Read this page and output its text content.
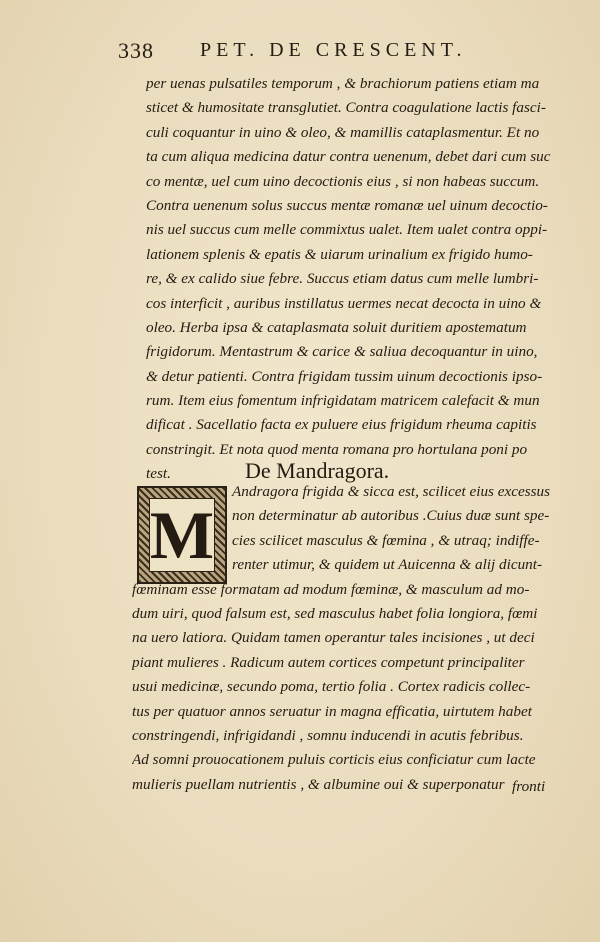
338 PET. DE CRESCENT.
per uenas pulsatiles temporum , & brachiorum patiens etiam ma
sticet & humositate transglutiet. Contra coagulatione lactis fasci-
culi coquantur in uino & oleo, & mamillis cataplasmentur. Et no
ta cum aliqua medicina datur contra uenenum, debet dari cum suc
co mentæ, uel cum uino decoctionis eius , si non habeas succum.
Contra uenenum solus succus mentæ romanæ uel uinum decoctio-
nis uel succus cum melle commixtus ualet. Item ualet contra oppi-
lationem splenis & epatis & uiarum urinalium ex frigido humo-
re, & ex calido siue febre. Succus etiam datus cum melle lumbri-
cos interficit , auribus instillatus uermes necat decocta in uino &
oleo. Herba ipsa & cataplasmata soluit duritiem apostematum
frigidorum. Mentastrum & carice & saliua decoquantur in uino,
& detur patienti. Contra frigidam tussim uinum decoctionis ipso-
rum. Item eius fomentum infrigidatam matricem calefacit & mun
dificat . Sacellatio facta ex puluere eius frigidum rheuma capitis
constringit. Et nota quod menta romana pro hortulana poni po
test.	De Mandragora.
M
Andragora frigida & sicca est, scilicet eius excessus
non determinatur ab autoribus .Cuius duæ sunt spe-
cies scilicet masculus & fœmina , & utraq; indiffe-
renter utimur, & quidem ut Auicenna & alij dicunt-
fœminam esse formatam ad modum fœminæ, & masculum ad mo-
dum uiri, quod falsum est, sed masculus habet folia longiora, fœmi
na uero latiora. Quidam tamen operantur tales incisiones , ut deci
piant mulieres . Radicum autem cortices competunt principaliter
usui medicinæ, secundo poma, tertio folia . Cortex radicis collec-
tus per quatuor annos seruatur in magna efficatia, uirtutem habet
constringendi, infrigidandi , somnu inducendi in acutis febribus.
Ad somni prouocationem puluis corticis eius conficiatur cum lacte
mulieris puellam nutrientis , & albumine oui & superponatur fronti
